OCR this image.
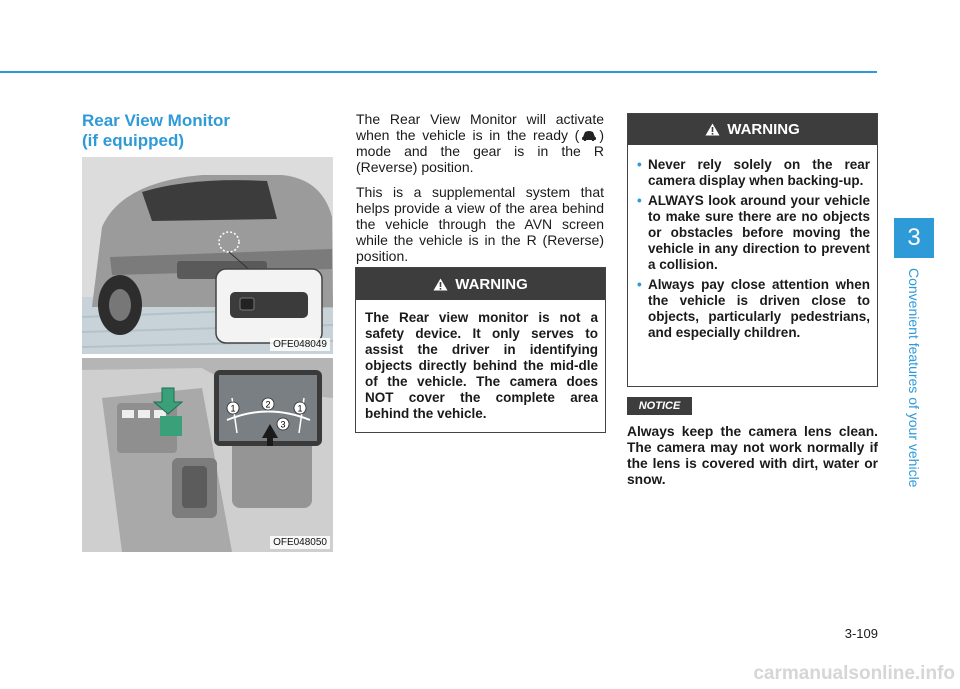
3
Convenient features of your vehicle
Rear View Monitor
(if equipped)
OFE048049
1	2
3
1
OFE048050

The Rear View Monitor will activate when the vehicle is in the ready ( ) mode and the gear is in the R (Reverse) position.

This is a supplemental system that helps provide a view of the area behind the vehicle through the AVN screen while the vehicle is in the R (Reverse) position.

WARNING
The Rear view monitor is not a safety device. It only serves to assist the driver in identifying objects directly behind the mid-dle of the vehicle. The camera does NOT cover the complete area behind the vehicle.
WARNING
• Never rely solely on the rear camera display when backing-up.
• ALWAYS look around your vehicle to make sure there are no objects or obstacles before moving the vehicle in any direction to prevent a collision.
• Always pay close attention when the vehicle is driven close to objects, particularly pedestrians, and especially children.
NOTICE

Always keep the camera lens clean. The camera may not work normally if the lens is covered with dirt, water or snow.

3-109
carmanualsonline.info
